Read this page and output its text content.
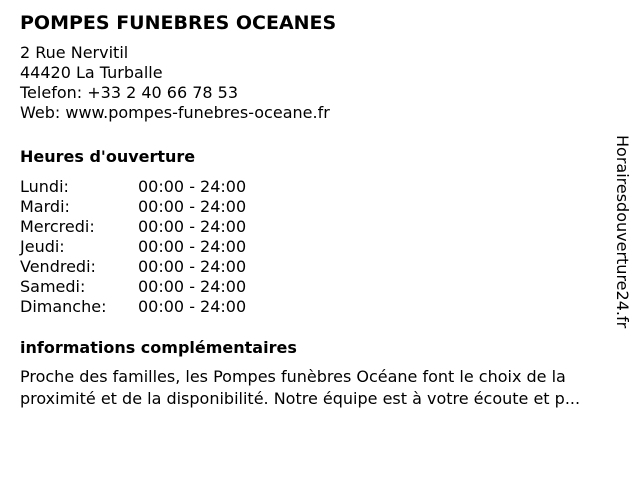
POMPES FUNEBRES OCEANES
2 Rue Nervitil
44420 La Turballe
Telefon: +33 2 40 66 78 53
Web: www.pompes-funebres-oceane.fr
Heures d'ouverture
Lundi:	00:00 - 24:00
Mardi:	00:00 - 24:00
Mercredi:	00:00 - 24:00
Jeudi:	00:00 - 24:00
Vendredi:	00:00 - 24:00
Samedi:	00:00 - 24:00
Dimanche:	00:00 - 24:00
informations complémentaires
Proche des familles, les Pompes funèbres Océane font le choix de la proximité et de la disponibilité. Notre équipe est à votre écoute et p...
Horairesdouverture24.fr
